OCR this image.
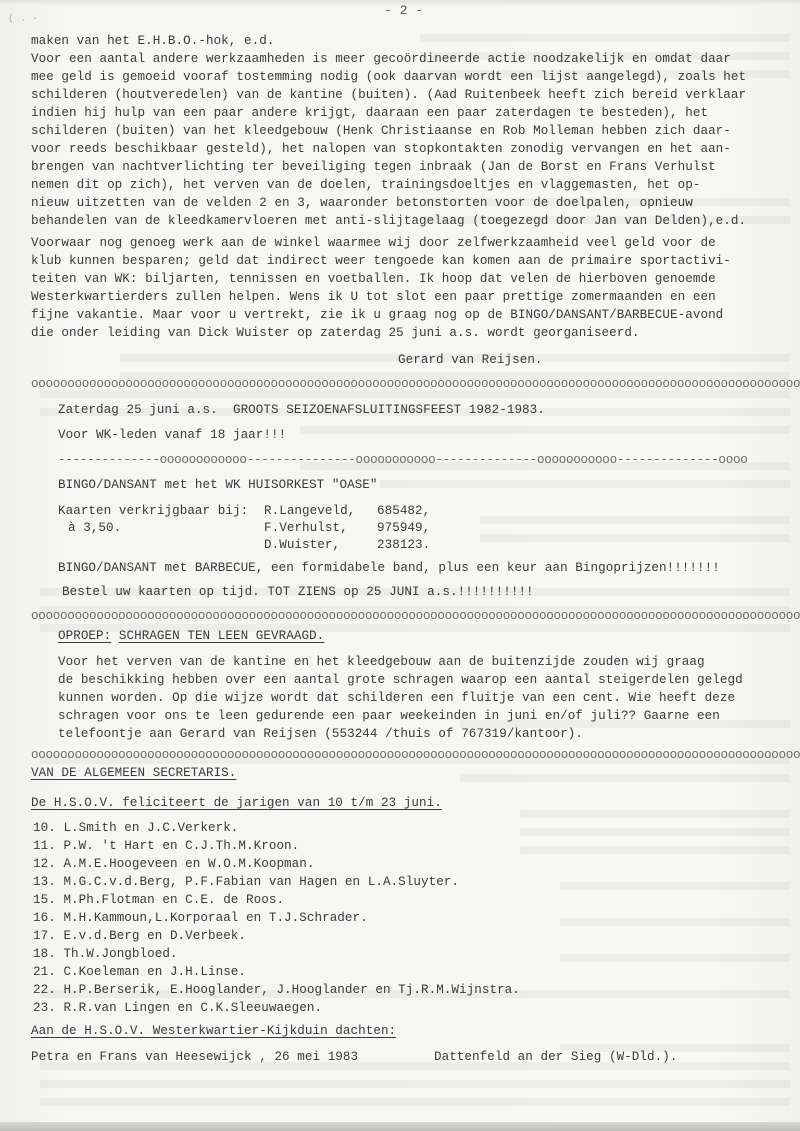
- 2 -
( . -
maken van het E.H.B.O.-hok, e.d.
Voor een aantal andere werkzaamheden is meer gecoördineerde actie noodzakelijk en omdat daar
mee geld is gemoeid vooraf tostemming nodig (ook daarvan wordt een lijst aangelegd), zoals het
schilderen (houtveredelen) van de kantine (buiten). (Aad Ruitenbeek heeft zich bereid verklaar
indien hij hulp van een paar andere krijgt, daaraan een paar zaterdagen te besteden), het
schilderen (buiten) van het kleedgebouw (Henk Christiaanse en Rob Molleman hebben zich daar-
voor reeds beschikbaar gesteld), het nalopen van stopkontakten zonodig vervangen en het aan-
brengen van nachtverlichting ter beveiliging tegen inbraak (Jan de Borst en Frans Verhulst
nemen dit op zich), het verven van de doelen, trainingsdoeltjes en vlaggemasten, het op-
nieuw uitzetten van de velden 2 en 3, waaronder betonstorten voor de doelpalen, opnieuw
behandelen van de kleedkamervloeren met anti-slijtagelaag (toegezegd door Jan van Delden),e.d.
Voorwaar nog genoeg werk aan de winkel waarmee wij door zelfwerkzaamheid veel geld voor de
klub kunnen besparen; geld dat indirect weer tengoede kan komen aan de primaire sportactivi-
teiten van WK: biljarten, tennissen en voetballen. Ik hoop dat velen de hierboven genoemde
Westerkwartierders zullen helpen. Wens ik U tot slot een paar prettige zomermaanden en een
fijne vakantie. Maar voor u vertrekt, zie ik u graag nog op de BINGO/DANSANT/BARBECUE-avond
die onder leiding van Dick Wuister op zaterdag 25 juni a.s. wordt georganiseerd.
Gerard van Reijsen.
oooooooooooooooooooooooooooooooooooooooooooooooooooooooooooooooooooooooooooooooooooooooooooooooooooooooooo
Zaterdag 25 juni a.s.  GROOTS SEIZOENAFSLUITINGSFEEST 1982-1983.
Voor WK-leden vanaf 18 jaar!!!
--------------oooooooooooo---------------ooooooooooo--------------ooooooooooo--------------oooo
BINGO/DANSANT met het WK HUISORKEST "OASE"
Kaarten verkrijgbaar bij:
à 3,50.
R.Langeveld, 685482,
F.Verhulst, 975949,
D.Wuister, 238123.
BINGO/DANSANT met BARBECUE, een formidabele band, plus een keur aan Bingoprijzen!!!!!!!
Bestel uw kaarten op tijd. TOT ZIENS op 25 JUNI a.s.!!!!!!!!!!
oooooooooooooooooooooooooooooooooooooooooooooooooooooooooooooooooooooooooooooooooooooooooooooooooooooooooo
OPROEP: SCHRAGEN TEN LEEN GEVRAAGD.
Voor het verven van de kantine en het kleedgebouw aan de buitenzijde zouden wij graag
de beschikking hebben over een aantal grote schragen waarop een aantal steigerdelen gelegd
kunnen worden. Op die wijze wordt dat schilderen een fluitje van een cent. Wie heeft deze
schragen voor ons te leen gedurende een paar weekeinden in juni en/of juli?? Gaarne een
telefoontje aan Gerard van Reijsen (553244 /thuis of 767319/kantoor).
oooooooooooooooooooooooooooooooooooooooooooooooooooooooooooooooooooooooooooooooooooooooooooooooooooooooooo
VAN DE ALGEMEEN SECRETARIS.
De H.S.O.V. feliciteert de jarigen van 10 t/m 23 juni.
10. L.Smith en J.C.Verkerk.
11. P.W. 't Hart en C.J.Th.M.Kroon.
12. A.M.E.Hoogeveen en W.O.M.Koopman.
13. M.G.C.v.d.Berg, P.F.Fabian van Hagen en L.A.Sluyter.
15. M.Ph.Flotman en C.E. de Roos.
16. M.H.Kammoun,L.Korporaal en T.J.Schrader.
17. E.v.d.Berg en D.Verbeek.
18. Th.W.Jongbloed.
21. C.Koeleman en J.H.Linse.
22. H.P.Berserik, E.Hooglander, J.Hooglander en Tj.R.M.Wijnstra.
23. R.R.van Lingen en C.K.Sleeuwaegen.
Aan de H.S.O.V. Westerkwartier-Kijkduin dachten:
Petra en Frans van Heesewijck , 26 mei 1983	Dattenfeld an der Sieg (W-Dld.).
